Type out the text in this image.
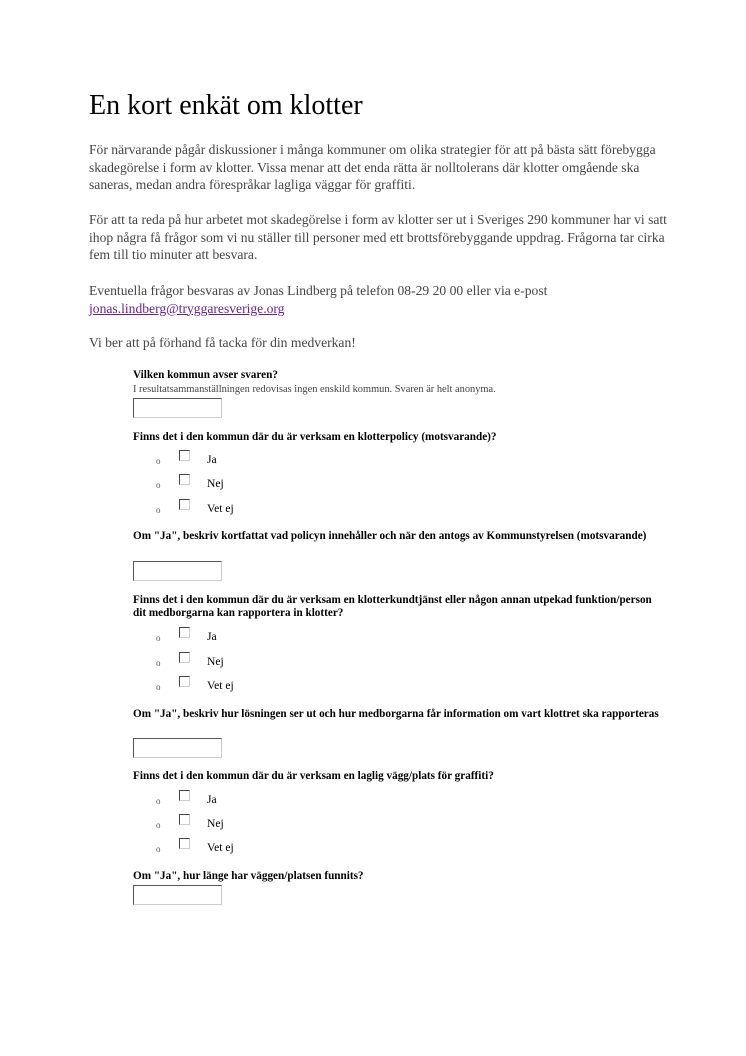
En kort enkät om klotter

För närvarande pågår diskussioner i många kommuner om olika strategier för att på bästa sätt förebygga skadegörelse i form av klotter. Vissa menar att det enda rätta är nolltolerans där klotter omgående ska saneras, medan andra förespråkar lagliga väggar för graffiti.

För att ta reda på hur arbetet mot skadegörelse i form av klotter ser ut i Sveriges 290 kommuner har vi satt ihop några få frågor som vi nu ställer till personer med ett brottsförebyggande uppdrag. Frågorna tar cirka fem till tio minuter att besvara.

Eventuella frågor besvaras av Jonas Lindberg på telefon 08-29 20 00 eller via e-post
jonas.lindberg@tryggaresverige.org

Vi ber att på förhand få tacka för din medverkan!

Vilken kommun avser svaren?

I resultatsammanställningen redovisas ingen enskild kommun. Svaren är helt anonyma.

Finns det i den kommun där du är verksam en klotterpolicy (motsvarande)?

o	Ja
o	Nej
o	Vet ej

Om "Ja", beskriv kortfattat vad policyn innehåller och när den antogs av Kommunstyrelsen (motsvarande)

Finns det i den kommun där du är verksam en klotterkundtjänst eller någon annan utpekad funktion/person dit medborgarna kan rapportera in klotter?

o	Ja
o	Nej
o	Vet ej

Om "Ja", beskriv hur lösningen ser ut och hur medborgarna får information om vart klottret ska rapporteras

Finns det i den kommun där du är verksam en laglig vägg/plats för graffiti?

o	Ja
o	Nej
o	Vet ej

Om "Ja", hur länge har väggen/platsen funnits?
